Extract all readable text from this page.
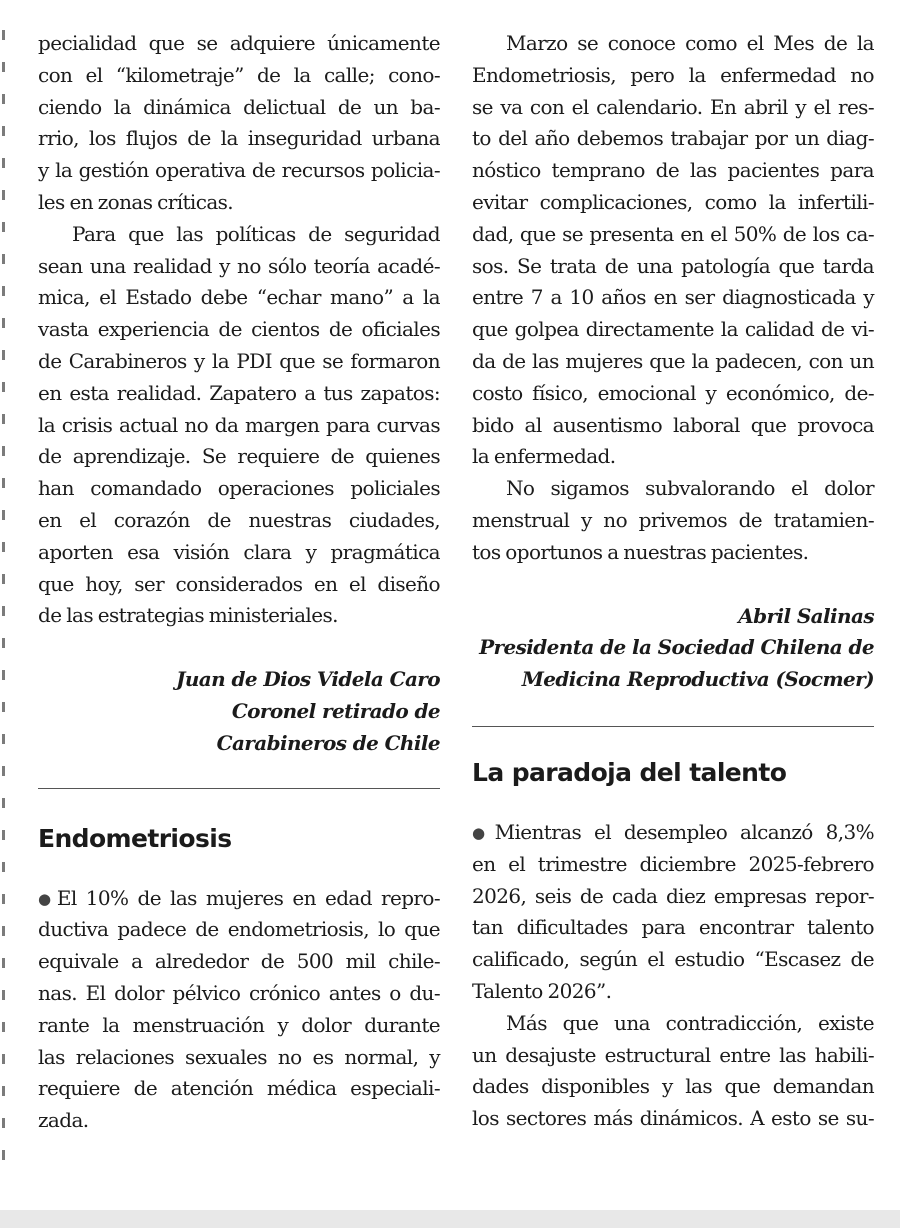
pecialidad que se adquiere únicamente
con el “kilometraje” de la calle; cono-
ciendo la dinámica delictual de un ba-
rrio, los flujos de la inseguridad urbana
y la gestión operativa de recursos policia-
les en zonas críticas.
Para que las políticas de seguridad
sean una realidad y no sólo teoría acadé-
mica, el Estado debe “echar mano” a la
vasta experiencia de cientos de oficiales
de Carabineros y la PDI que se formaron
en esta realidad. Zapatero a tus zapatos:
la crisis actual no da margen para curvas
de aprendizaje. Se requiere de quienes
han comandado operaciones policiales
en el corazón de nuestras ciudades,
aporten esa visión clara y pragmática
que hoy, ser considerados en el diseño
de las estrategias ministeriales.
Juan de Dios Videla Caro
Coronel retirado de
Carabineros de Chile
Endometriosis
● El 10% de las mujeres en edad repro-
ductiva padece de endometriosis, lo que
equivale a alrededor de 500 mil chile-
nas. El dolor pélvico crónico antes o du-
rante la menstruación y dolor durante
las relaciones sexuales no es normal, y
requiere de atención médica especiali-
zada.
Marzo se conoce como el Mes de la
Endometriosis, pero la enfermedad no
se va con el calendario. En abril y el res-
to del año debemos trabajar por un diag-
nóstico temprano de las pacientes para
evitar complicaciones, como la infertili-
dad, que se presenta en el 50% de los ca-
sos. Se trata de una patología que tarda
entre 7 a 10 años en ser diagnosticada y
que golpea directamente la calidad de vi-
da de las mujeres que la padecen, con un
costo físico, emocional y económico, de-
bido al ausentismo laboral que provoca
la enfermedad.
No sigamos subvalorando el dolor
menstrual y no privemos de tratamien-
tos oportunos a nuestras pacientes.
Abril Salinas
Presidenta de la Sociedad Chilena de
Medicina Reproductiva (Socmer)
La paradoja del talento
● Mientras el desempleo alcanzó 8,3%
en el trimestre diciembre 2025-febrero
2026, seis de cada diez empresas repor-
tan dificultades para encontrar talento
calificado, según el estudio “Escasez de
Talento 2026”.
Más que una contradicción, existe
un desajuste estructural entre las habili-
dades disponibles y las que demandan
los sectores más dinámicos. A esto se su-
